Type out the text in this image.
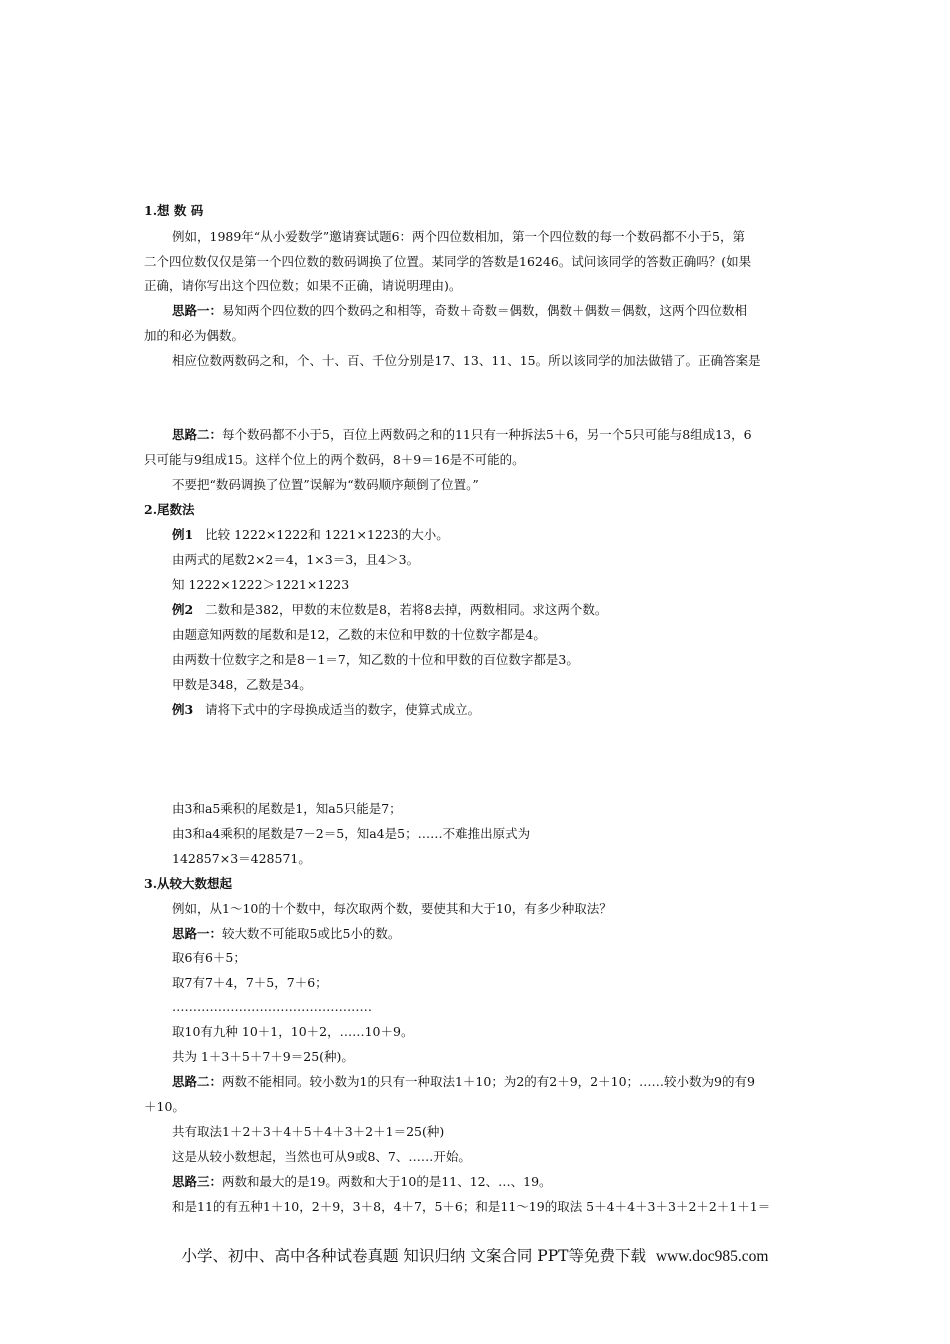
1.想 数 码
例如，1989年“从小爱数学”邀请赛试题6：两个四位数相加，第一个四位数的每一个数码都不小于5，第
二个四位数仅仅是第一个四位数的数码调换了位置。某同学的答数是16246。试问该同学的答数正确吗？(如果
正确，请你写出这个四位数；如果不正确，请说明理由)。
思路一：易知两个四位数的四个数码之和相等，奇数＋奇数＝偶数，偶数＋偶数＝偶数，这两个四位数相
加的和必为偶数。
相应位数两数码之和，个、十、百、千位分别是17、13、11、15。所以该同学的加法做错了。正确答案是
思路二：每个数码都不小于5，百位上两数码之和的11只有一种拆法5＋6，另一个5只可能与8组成13，6
只可能与9组成15。这样个位上的两个数码，8＋9＝16是不可能的。
不要把“数码调换了位置”误解为“数码顺序颠倒了位置。”
2.尾数法
例1 比较 1222×1222和 1221×1223的大小。
由两式的尾数2×2＝4，1×3＝3，且4＞3。
知 1222×1222＞1221×1223
例2 二数和是382，甲数的末位数是8，若将8去掉，两数相同。求这两个数。
由题意知两数的尾数和是12，乙数的末位和甲数的十位数字都是4。
由两数十位数字之和是8－1＝7，知乙数的十位和甲数的百位数字都是3。
甲数是348，乙数是34。
例3 请将下式中的字母换成适当的数字，使算式成立。
由3和a5乘积的尾数是1，知a5只能是7；
由3和a4乘积的尾数是7－2＝5，知a4是5；……不难推出原式为
142857×3＝428571。
3.从较大数想起
例如，从1～10的十个数中，每次取两个数，要使其和大于10，有多少种取法？
思路一：较大数不可能取5或比5小的数。
取6有6＋5；
取7有7＋4，7＋5，7＋6；
…………………………………………
取10有九种 10＋1，10＋2，……10＋9。
共为 1＋3＋5＋7＋9＝25(种)。
思路二：两数不能相同。较小数为1的只有一种取法1＋10；为2的有2＋9，2＋10；……较小数为9的有9
＋10。
共有取法1＋2＋3＋4＋5＋4＋3＋2＋1＝25(种)
这是从较小数想起，当然也可从9或8、7、……开始。
思路三：两数和最大的是19。两数和大于10的是11、12、…、19。
和是11的有五种1＋10，2＋9，3＋8，4＋7，5＋6；和是11～19的取法 5＋4＋4＋3＋3＋2＋2＋1＋1＝
小学、初中、高中各种试卷真题 知识归纳 文案合同 PPT等免费下载 www.doc985.com
